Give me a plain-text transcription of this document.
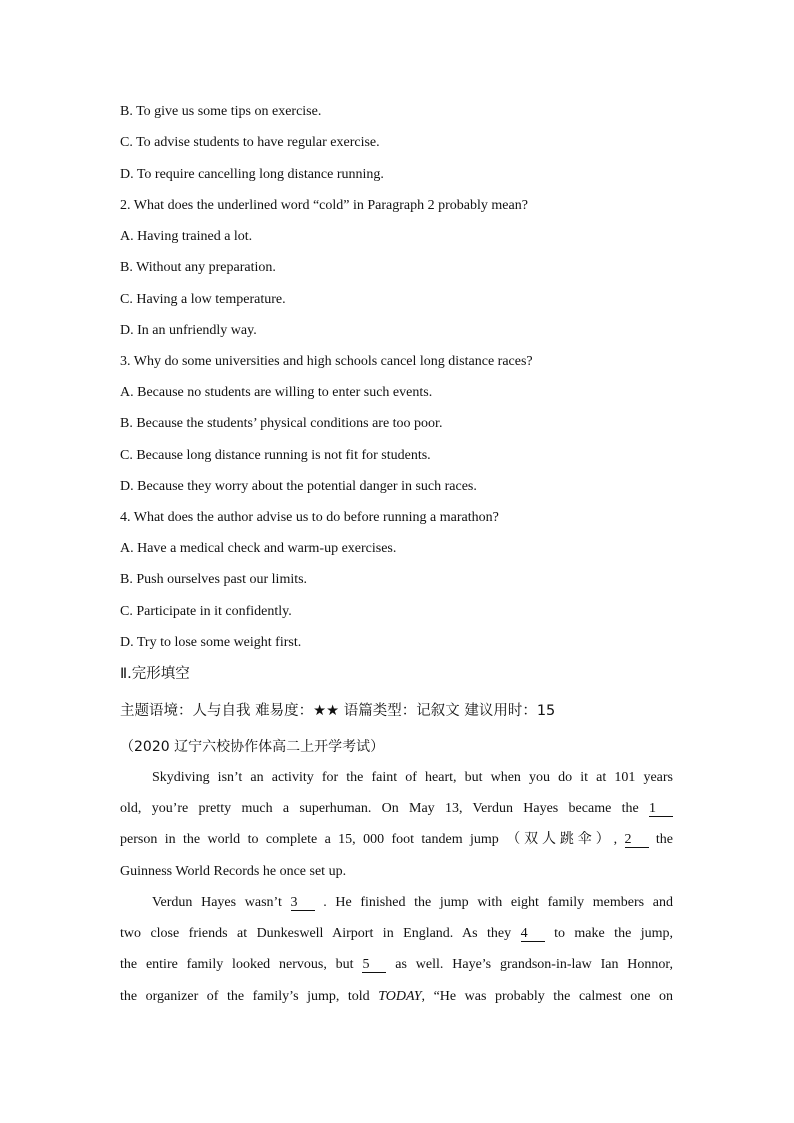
B. To give us some tips on exercise.
C. To advise students to have regular exercise.
D. To require cancelling long distance running.
2. What does the underlined word “cold” in Paragraph 2 probably mean?
A. Having trained a lot.
B. Without any preparation.
C. Having a low temperature.
D. In an unfriendly way.
3. Why do some universities and high schools cancel long distance races?
A. Because no students are willing to enter such events.
B. Because the students’ physical conditions are too poor.
C. Because long distance running is not fit for students.
D. Because they worry about the potential danger in such races.
4. What does the author advise us to do before running a marathon?
A. Have a medical check and warm-up exercises.
B. Push ourselves past our limits.
C. Participate in it confidently.
D. Try to lose some weight first.
Ⅱ.完形填空
主题语境：人与自我 难易度：★★ 语篇类型：记叙文 建议用时：15
（2020 辽宁六校协作体高二上开学考试）
Skydiving isn’t an activity for the faint of heart, but when you do it at 101 years
old, you’re pretty much a superhuman. On May 13, Verdun Hayes became the 1
person in the world to complete a 15, 000 foot tandem jump （双人跳伞）, 2 the
Guinness World Records he once set up.
Verdun Hayes wasn’t 3 . He finished the jump with eight family members and
two close friends at Dunkeswell Airport in England. As they 4 to make the jump,
the entire family looked nervous, but 5 as well. Haye’s grandson-in-law Ian Honnor,
the organizer of the family’s jump, told TODAY, “He was probably the calmest one on
